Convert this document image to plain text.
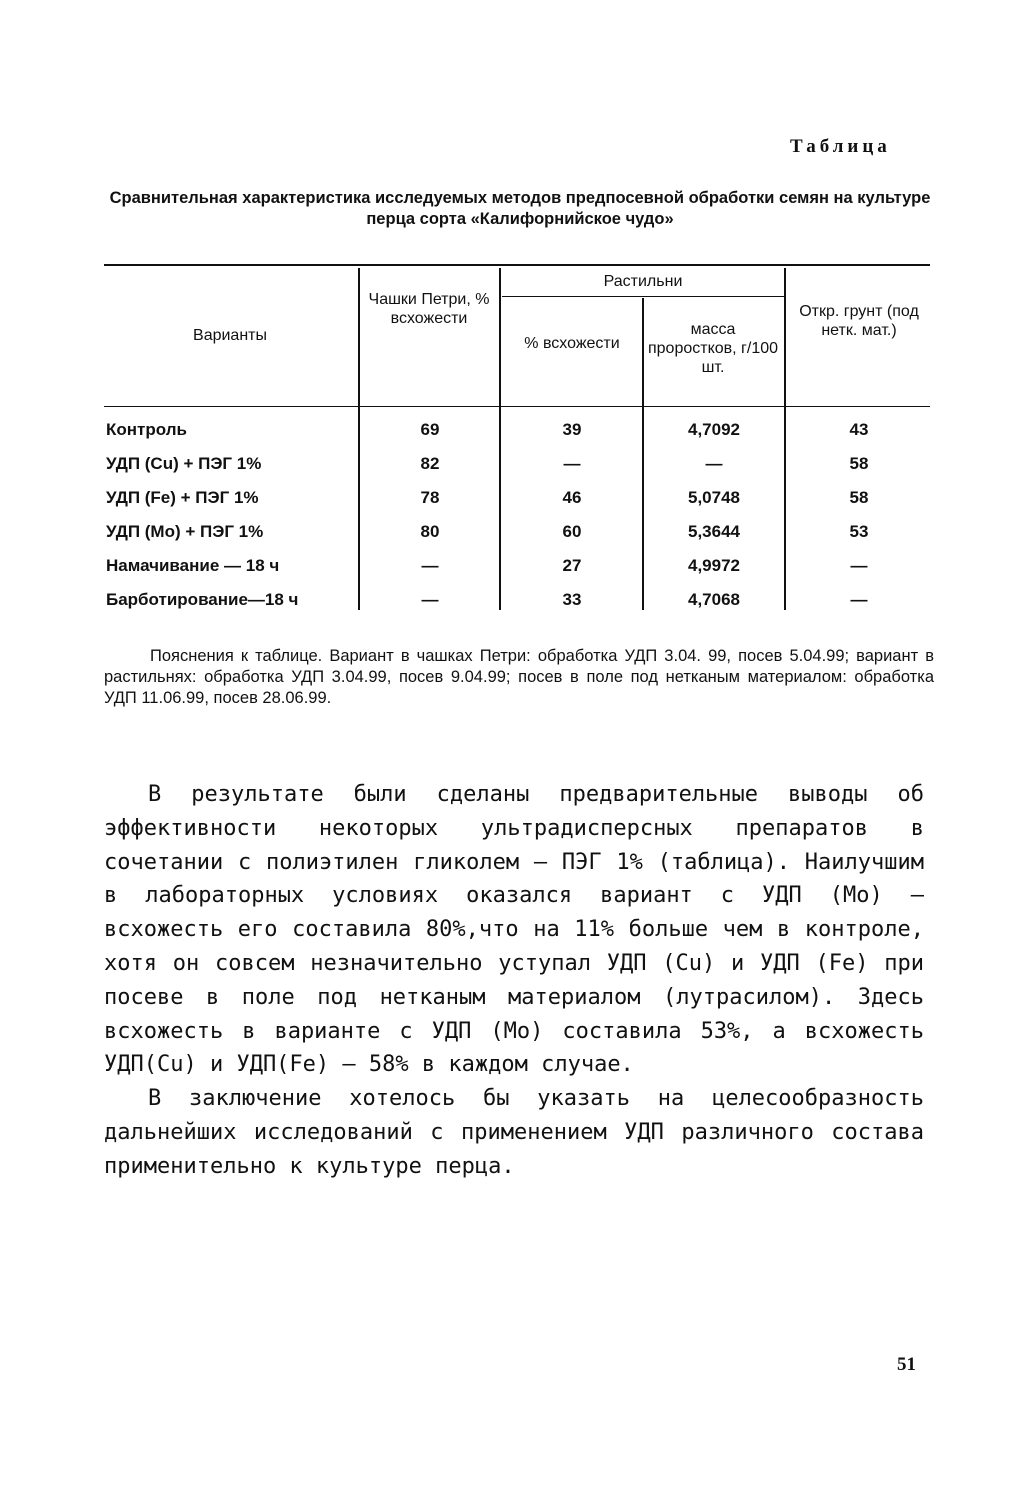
Таблица
Сравнительная характеристика исследуемых методов предпосевной обработки семян на культуре перца сорта «Калифорнийское чудо»
Варианты
Чашки Петри, % всхожести
Растильни
% всхожести
масса проростков, г/100 шт.
Откр. грунт (под нетк. мат.)
Контроль	69	39	4,7092	43
УДП (Cu) + ПЭГ 1%	82	—	—	58
УДП (Fe) + ПЭГ 1%	78	46	5,0748	58
УДП (Мо) + ПЭГ 1%	80	60	5,3644	53
Намачивание — 18 ч	—	27	4,9972	—
Барботирование—18 ч	—	33	4,7068	—

Пояснения к таблице. Вариант в чашках Петри: обработка УДП 3.04. 99, посев 5.04.99; вариант в растильнях: обработка УДП 3.04.99, посев 9.04.99; посев в поле под нетканым материалом: обработка УДП 11.06.99, посев 28.06.99.

В результате были сделаны предварительные выводы об эффективности некоторых ультрадисперсных препаратов в сочетании с полиэтилен гликолем — ПЭГ 1% (таблица). Наилучшим в лабораторных условиях оказался вариант с УДП (Мо) — всхожесть его составила 80%,что на 11% больше чем в контроле, хотя он совсем незначительно уступал УДП (Cu) и УДП (Fe) при посеве в поле под нетканым материалом (лутрасилом). Здесь всхожесть в варианте с УДП (Мо) составила 53%, а всхожесть УДП(Cu) и УДП(Fe) — 58% в каждом случае.

В заключение хотелось бы указать на целесообразность дальнейших исследований с применением УДП различного состава применительно к культуре перца.

51
